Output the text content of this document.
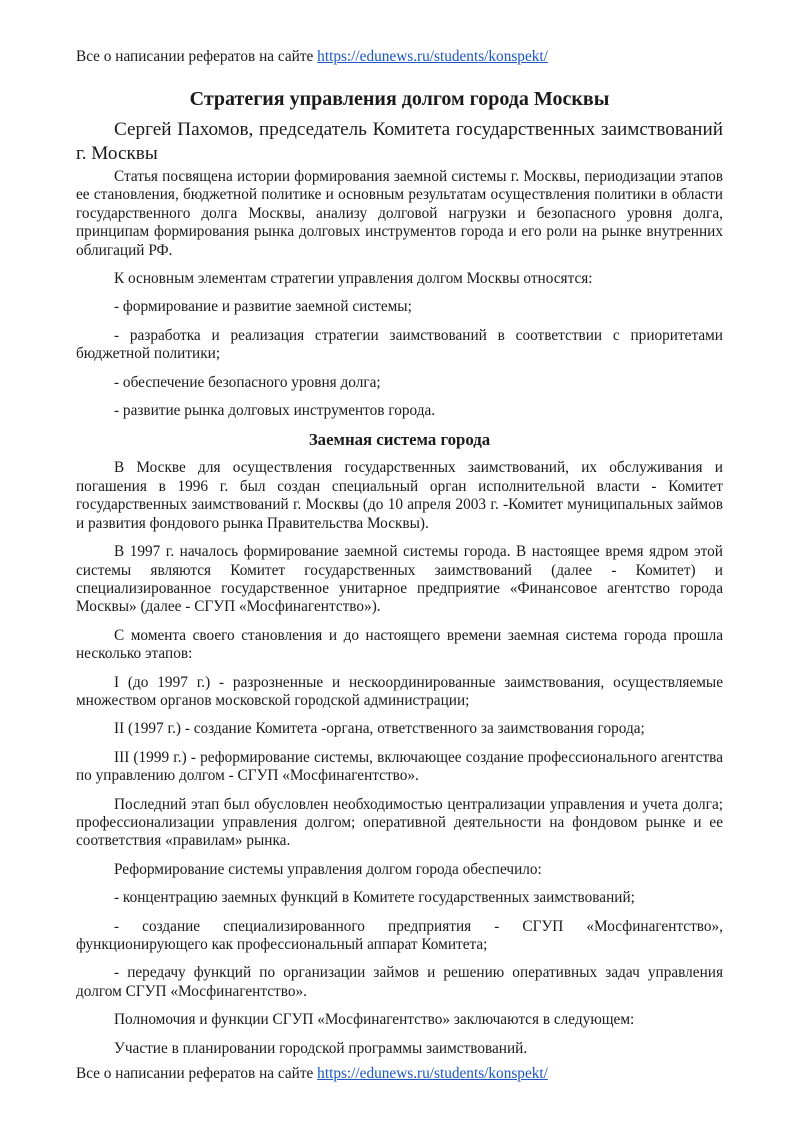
Все о написании рефератов на сайте https://edunews.ru/students/konspekt/
Стратегия управления долгом города Москвы

Сергей Пахомов, председатель Комитета государственных заимствований г. Москвы

Статья посвящена истории формирования заемной системы г. Москвы, периодизации этапов ее становления, бюджетной политике и основным результатам осуществления политики в области государственного долга Москвы, анализу долговой нагрузки и безопасного уровня долга, принципам формирования рынка долговых инструментов города и его роли на рынке внутренних облигаций РФ.

К основным элементам стратегии управления долгом Москвы относятся:

- формирование и развитие заемной системы;

- разработка и реализация стратегии заимствований в соответствии с приоритетами бюджетной политики;

- обеспечение безопасного уровня долга;

- развитие рынка долговых инструментов города.

Заемная система города

В Москве для осуществления государственных заимствований, их обслуживания и погашения в 1996 г. был создан специальный орган исполнительной власти - Комитет государственных заимствований г. Москвы (до 10 апреля 2003 г. -Комитет муниципальных займов и развития фондового рынка Правительства Москвы).

В 1997 г. началось формирование заемной системы города. В настоящее время ядром этой системы являются Комитет государственных заимствований (далее - Комитет) и специализированное государственное унитарное предприятие «Финансовое агентство города Москвы» (далее - СГУП «Мосфинагентство»).

С момента своего становления и до настоящего времени заемная система города прошла несколько этапов:

I (до 1997 г.) - разрозненные и нескоординированные заимствования, осуществляемые множеством органов московской городской администрации;

II (1997 г.) - создание Комитета -органа, ответственного за заимствования города;

III (1999 г.) - реформирование системы, включающее создание профессионального агентства по управлению долгом - СГУП «Мосфинагентство».

Последний этап был обусловлен необходимостью централизации управления и учета долга; профессионализации управления долгом; оперативной деятельности на фондовом рынке и ее соответствия «правилам» рынка.

Реформирование системы управления долгом города обеспечило:

- концентрацию заемных функций в Комитете государственных заимствований;

- создание специализированного предприятия - СГУП «Мосфинагентство», функционирующего как профессиональный аппарат Комитета;

- передачу функций по организации займов и решению оперативных задач управления долгом СГУП «Мосфинагентство».

Полномочия и функции СГУП «Мосфинагентство» заключаются в следующем:

Участие в планировании городской программы заимствований.

Все о написании рефератов на сайте https://edunews.ru/students/konspekt/
